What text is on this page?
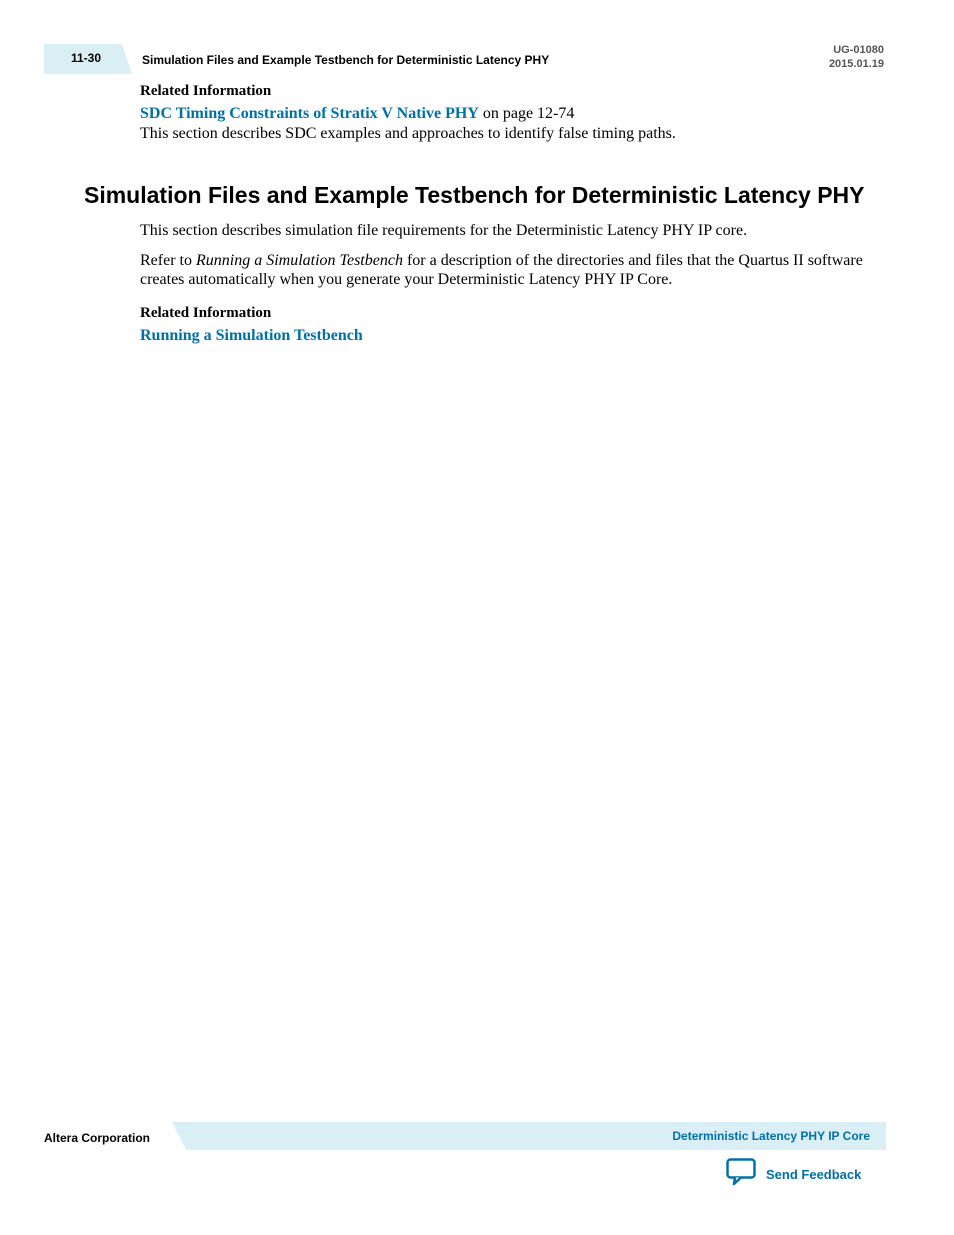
11-30	Simulation Files and Example Testbench for Deterministic Latency PHY
UG-01080
2015.01.19
Related Information

SDC Timing Constraints of Stratix V Native PHY on page 12-74

This section describes SDC examples and approaches to identify false timing paths.

Simulation Files and Example Testbench for Deterministic Latency PHY

This section describes simulation file requirements for the Deterministic Latency PHY IP core.

Refer to Running a Simulation Testbench for a description of the directories and files that the Quartus II software creates automatically when you generate your Deterministic Latency PHY IP Core.

Related Information

Running a Simulation Testbench

Altera Corporation	Deterministic Latency PHY IP Core
Send Feedback
